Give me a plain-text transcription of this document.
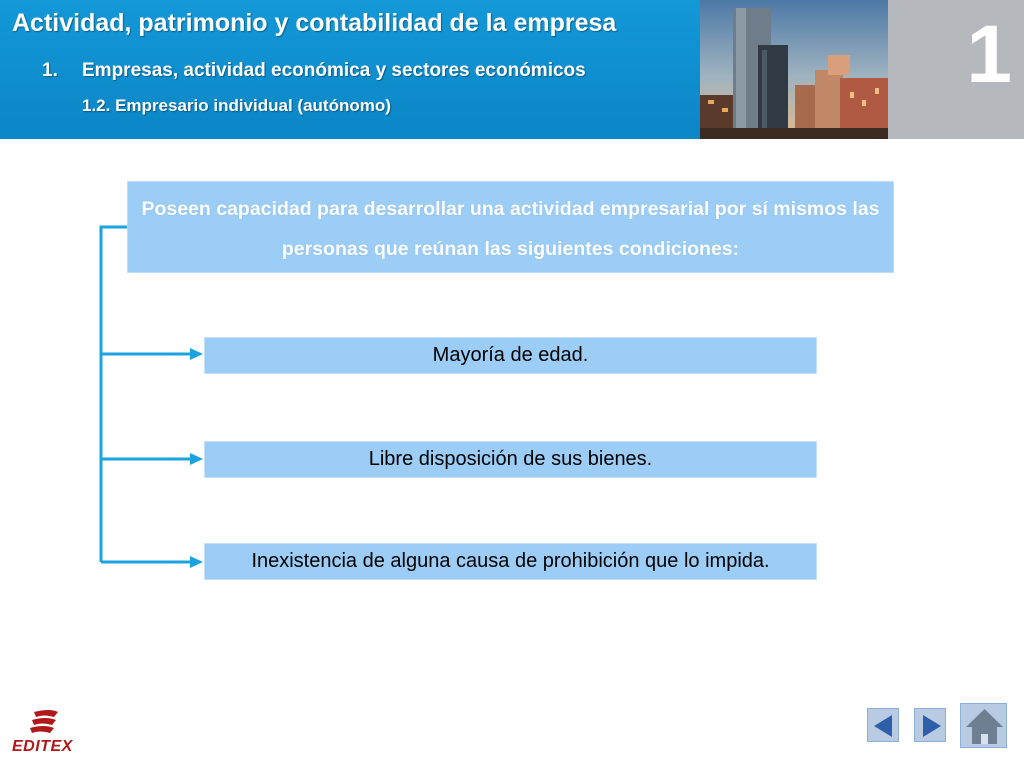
Actividad, patrimonio y contabilidad de la empresa
1. Empresas, actividad económica y sectores económicos
1.2. Empresario individual (autónomo)
1
Poseen capacidad para desarrollar una actividad empresarial por sí mismos las personas que reúnan las siguientes condiciones:
Mayoría de edad.
Libre disposición de sus bienes.
Inexistencia de alguna causa de prohibición que lo impida.
EDITEX
